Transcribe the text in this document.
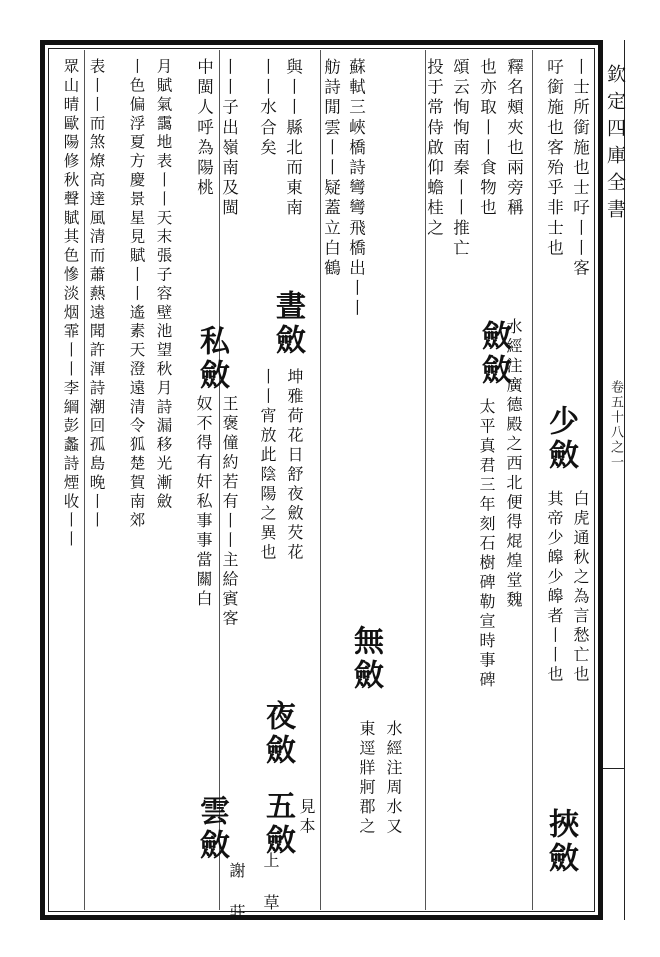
欽定四庫全書
卷五十八之一
丨士所銜施也士吇丨丨客
吇銜施也客殆乎非士也
釋名頰夾也兩旁稱
也亦取丨丨食物也
頌云恂恂南秦丨丨推亡
投于常侍啟仰蟾桂之
蘇軾三峽橋詩彎彎飛橋出丨丨
舫詩閒雲丨丨疑蓋立白鶴
與丨丨縣北而東南
丨丨水合矣
丨丨子出嶺南及閩
中閩人呼為陽桃
月賦氣靄地表丨丨天末張子容壁池望秋月詩漏移光漸斂
丨色偏浮夏方慶景星見賦丨丨遙素天澄遠清令狐楚賀南郊
表丨丨而煞燎高達風清而蕭爇遠聞許渾詩潮回孤島晚丨丨
眾山晴歐陽修秋聲賦其色慘淡烟霏丨丨李綱彭蠡詩煙收丨丨	少斂
白虎通秋之為言愁亡也
其帝少皞少皞者丨丨也
挾斂
斂斂
水經注廣德殿之西北便得焜煌堂魏
太平真君三年刻石樹碑勒宣時事碑
無斂
水經注周水又
東逕牂牁郡之
晝斂
坤雅荷花日舒夜斂芡花
丨丨宵放此陰陽之異也
夜斂
見本
五斂
上 草
私斂
王褒僮約若有丨丨主給賓客
奴不得有奸私事事當關白
雲斂
謝 莊
